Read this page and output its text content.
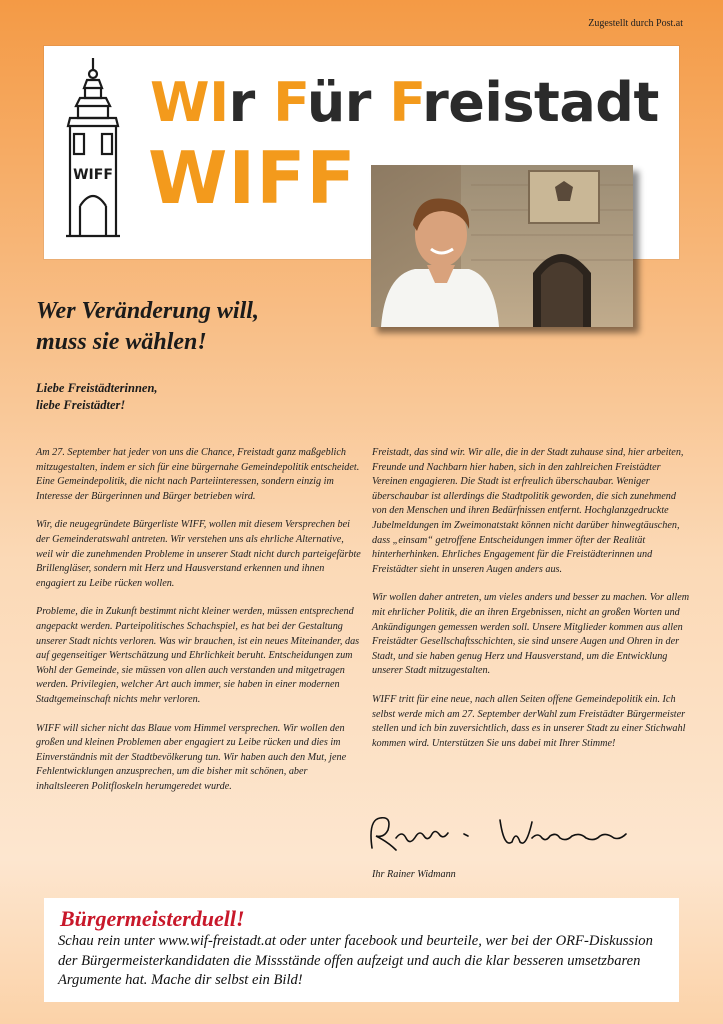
Zugestellt durch Post.at
WIFF
WIr Für Freistadt
WIFF
Wer Veränderung will,
muss sie wählen!
Liebe Freistädterinnen,
liebe Freistädter!

Am 27. September hat jeder von uns die Chance, Freistadt ganz maßgeblich mitzugestalten, indem er sich für eine bürgernahe Gemeindepolitik entscheidet. Eine Gemeindepolitik, die nicht nach Parteiinteressen, sondern einzig im Interesse der Bürgerinnen und Bürger betrieben wird.

Wir, die neugegründete Bürgerliste WIFF, wollen mit diesem Versprechen bei der Gemeinderatswahl antreten. Wir verstehen uns als ehrliche Alternative, weil wir die zunehmenden Probleme in unserer Stadt nicht durch parteigefärbte Brillengläser, sondern mit Herz und Hausverstand erkennen und ihnen engagiert zu Leibe rücken wollen.

Probleme, die in Zukunft bestimmt nicht kleiner werden, müssen entsprechend angepackt werden. Parteipolitisches Schachspiel, es hat bei der Gestaltung unserer Stadt nichts verloren. Was wir brauchen, ist ein neues Miteinander, das auf gegenseitiger Wertschätzung und Ehrlichkeit beruht. Entscheidungen zum Wohl der Gemeinde, sie müssen von allen auch verstanden und mitgetragen werden. Privilegien, welcher Art auch immer, sie haben in einer modernen Stadtgemeinschaft nichts mehr verloren.

WIFF will sicher nicht das Blaue vom Himmel versprechen. Wir wollen den großen und kleinen Problemen aber engagiert zu Leibe rücken und dies im Einverständnis mit der Stadtbevölkerung tun. Wir haben auch den Mut, jene Fehlentwicklungen anzusprechen, um die bisher mit schönen, aber inhaltsleeren Politfloskeln herumgeredet wurde.

Freistadt, das sind wir. Wir alle, die in der Stadt zuhause sind, hier arbeiten, Freunde und Nachbarn hier haben, sich in den zahlreichen Freistädter Vereinen engagieren. Die Stadt ist erfreulich überschaubar. Weniger überschaubar ist allerdings die Stadtpolitik geworden, die sich zunehmend von den Menschen und ihren Bedürfnissen entfernt. Hochglanzgedruckte Jubelmeldungen im Zweimonatstakt können nicht darüber hinwegtäuschen, dass „einsam“ getroffene Entscheidungen immer öfter der Realität hinterherhinken. Ehrliches Engagement für die Freistädterinnen und Freistädter sieht in unseren Augen anders aus.

Wir wollen daher antreten, um vieles anders und besser zu machen. Vor allem mit ehrlicher Politik, die an ihren Ergebnissen, nicht an großen Worten und Ankündigungen gemessen werden soll. Unsere Mitglieder kommen aus allen Freistädter Gesellschaftsschichten, sie sind unsere Augen und Ohren in der Stadt, und sie haben genug Herz und Hausverstand, um die Entwicklung unserer Stadt mitzugestalten.

WIFF tritt für eine neue, nach allen Seiten offene Gemeindepolitik ein. Ich selbst werde mich am 27. September derWahl zum Freistädter Bürgermeister stellen und ich bin zuversichtlich, dass es in unserer Stadt zu einer Stichwahl kommen wird. Unterstützen Sie uns dabei mit Ihrer Stimme!

Ihr Rainer Widmann
Bürgermeisterduell!
Schau rein unter www.wif-freistadt.at oder unter facebook und beurteile, wer bei der ORF-Diskussion der Bürgermeisterkandidaten die Missstände offen aufzeigt und auch die klar besseren umsetzbaren Argumente hat. Mache dir selbst ein Bild!
